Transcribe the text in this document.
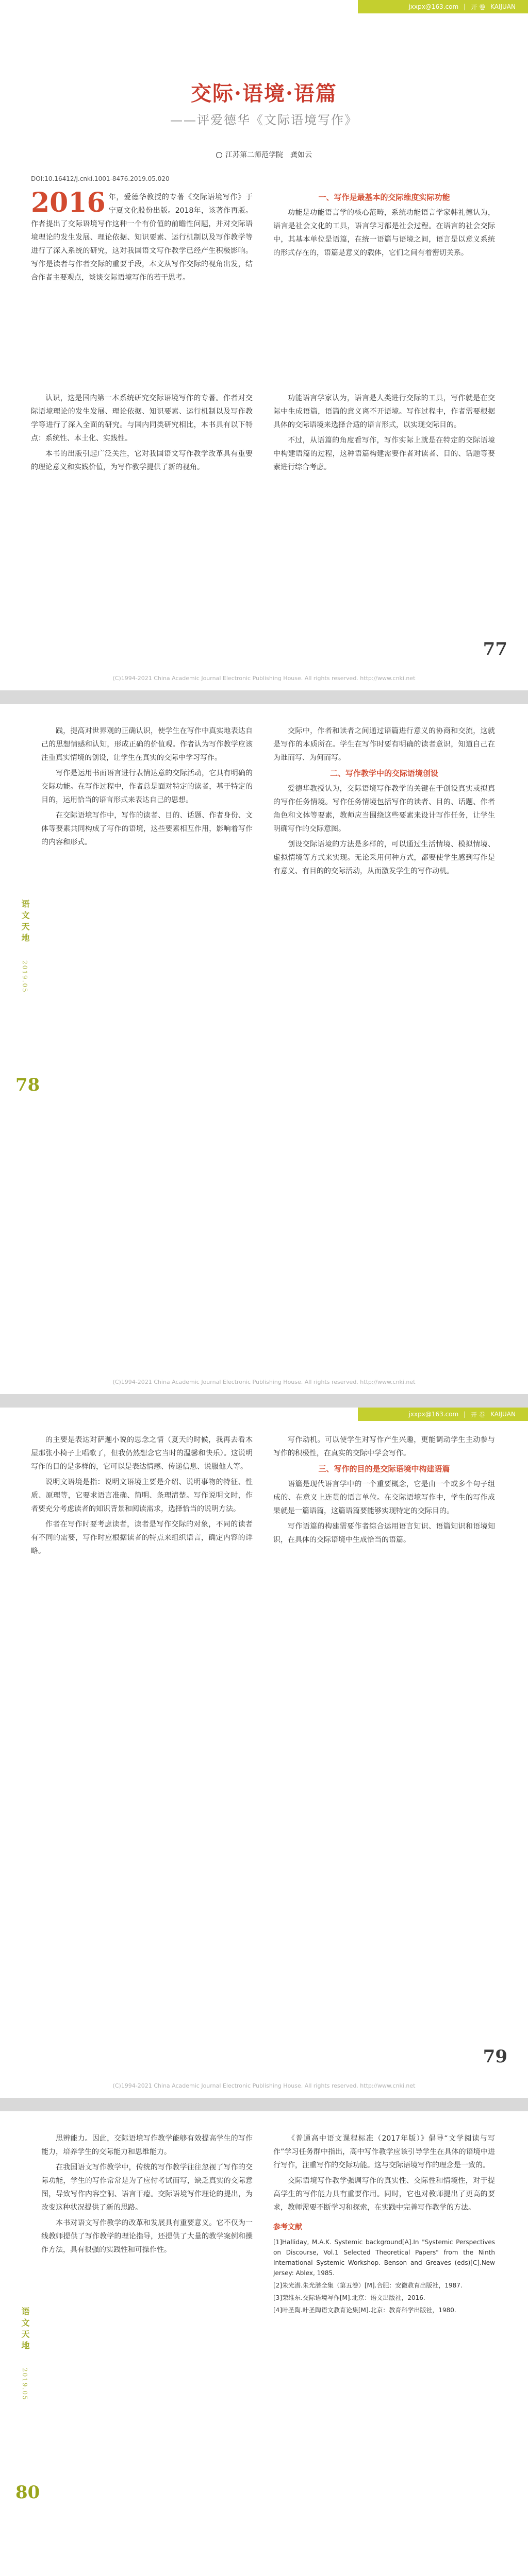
jxxpx@163.com | 开 卷 KAIJUAN
交际·语境·语篇
——评爱德华《文际语境写作》
江苏第二师范学院　龚如云
DOI:10.16412/j.cnki.1001-8476.2019.05.020

2016 年，爱德华教授的专著《交际语境写作》于宁夏文化股份出版。2018年，该著作再版。作者提出了交际语境写作这种一个有价值的前瞻性问题，并对交际语境理论的发生发展、理论依据、知识要素、运行机制以及写作教学等进行了深入系统的研究，这对我国语文写作教学已经产生积极影响。写作是读者与作者交际的重要手段，本文从写作交际的视角出发，结合作者主要观点，谈谈交际语境写作的若干思考。

一、写作是最基本的交际维度实际功能

功能是功能语言学的核心范畴，系统功能语言学家韩礼德认为，语言是社会文化的工具，语言学习都是社会过程。在语言的社会交际中，其基本单位是语篇，在统一语篇与语境之间，语言是以意义系统的形式存在的，语篇是意义的载体，它们之间有着密切关系。

认识，这是国内第一本系统研究交际语境写作的专著。作者对交际语境理论的发生发展、理论依据、知识要素、运行机制以及写作教学等进行了深入全面的研究。与国内同类研究相比，本书具有以下特点：系统性、本土化、实践性。

本书的出版引起广泛关注，它对我国语文写作教学改革具有重要的理论意义和实践价值，为写作教学提供了新的视角。

功能语言学家认为，语言是人类进行交际的工具，写作就是在交际中生成语篇，语篇的意义离不开语境。写作过程中，作者需要根据具体的交际语境来选择合适的语言形式，以实现交际目的。

不过，从语篇的角度看写作，写作实际上就是在特定的交际语境中构建语篇的过程，这种语篇构建需要作者对读者、目的、话题等要素进行综合考虑。

77
(C)1994-2021 China Academic Journal Electronic Publishing House. All rights reserved. http://www.cnki.net
语文天地 2019.05

践，提高对世界观的正确认识，使学生在写作中真实地表达自己的思想情感和认知，形成正确的价值观。作者认为写作教学应该注重真实情境的创设，让学生在真实的交际中学习写作。

写作是运用书面语言进行表情达意的交际活动，它具有明确的交际功能。在写作过程中，作者总是面对特定的读者，基于特定的目的，运用恰当的语言形式来表达自己的思想。

在交际语境写作中，写作的读者、目的、话题、作者身份、文体等要素共同构成了写作的语境，这些要素相互作用，影响着写作的内容和形式。

交际中，作者和读者之间通过语篇进行意义的协商和交流，这就是写作的本质所在。学生在写作时要有明确的读者意识，知道自己在为谁而写、为何而写。

二、写作教学中的交际语境创设

爱德华教授认为，交际语境写作教学的关键在于创设真实或拟真的写作任务情境。写作任务情境包括写作的读者、目的、话题、作者角色和文体等要素，教师应当围绕这些要素来设计写作任务，让学生明确写作的交际意图。

创设交际语境的方法是多样的，可以通过生活情境、模拟情境、虚拟情境等方式来实现。无论采用何种方式，都要使学生感到写作是有意义、有目的的交际活动，从而激发学生的写作动机。

78
(C)1994-2021 China Academic Journal Electronic Publishing House. All rights reserved. http://www.cnki.net
jxxpx@163.com | 开 卷 KAIJUAN

的主要是表达对萨迦小说的思念之情（夏天的时候，我再去看木屋那张小椅子上唱歌了，但我仍然想念它当时的温馨和快乐）。这说明写作的目的是多样的，它可以是表达情感、传递信息、说服他人等。

说明文语境是指：说明文语境主要是介绍、说明事物的特征、性质、原理等，它要求语言准确、简明、条理清楚。写作说明文时，作者要充分考虑读者的知识背景和阅读需求，选择恰当的说明方法。

作者在写作时要考虑读者，读者是写作交际的对象，不同的读者有不同的需要，写作时应根据读者的特点来组织语言，确定内容的详略。

写作动机。可以使学生对写作产生兴趣，更能调动学生主动参与写作的积极性，在真实的交际中学会写作。

三、写作的目的是交际语境中构建语篇

语篇是现代语言学中的一个重要概念，它是由一个或多个句子组成的、在意义上连贯的语言单位。在交际语境写作中，学生的写作成果就是一篇语篇，这篇语篇要能够实现特定的交际目的。

写作语篇的构建需要作者综合运用语言知识、语篇知识和语境知识，在具体的交际语境中生成恰当的语篇。

79
(C)1994-2021 China Academic Journal Electronic Publishing House. All rights reserved. http://www.cnki.net
语文天地 2019.05

思辨能力。因此，交际语境写作教学能够有效提高学生的写作能力，培养学生的交际能力和思维能力。

在我国语文写作教学中，传统的写作教学往往忽视了写作的交际功能，学生的写作常常是为了应付考试而写，缺乏真实的交际意图，导致写作内容空洞、语言干瘪。交际语境写作理论的提出，为改变这种状况提供了新的思路。

本书对语文写作教学的改革和发展具有重要意义。它不仅为一线教师提供了写作教学的理论指导，还提供了大量的教学案例和操作方法，具有很强的实践性和可操作性。

《普通高中语文课程标准（2017年版）》倡导“文学阅读与写作”学习任务群中指出，高中写作教学应该引导学生在具体的语境中进行写作，注重写作的交际功能。这与交际语境写作的理念是一致的。

交际语境写作教学强调写作的真实性、交际性和情境性，对于提高学生的写作能力具有重要作用。同时，它也对教师提出了更高的要求，教师需要不断学习和探索，在实践中完善写作教学的方法。

参考文献
[1]Halliday, M.A.K. Systemic background[A].In "Systemic Perspectives on Discourse, Vol.1 Selected Theoretical Papers" from the Ninth International Systemic Workshop. Benson and Greaves (eds)[C].New Jersey: Ablex, 1985.
[2]朱光潜.朱光潜全集（第五卷）[M].合肥：安徽教育出版社，1987.
[3]荣维东.交际语境写作[M].北京：语文出版社，2016.
[4]叶圣陶.叶圣陶语文教育论集[M].北京：教育科学出版社，1980.
80
